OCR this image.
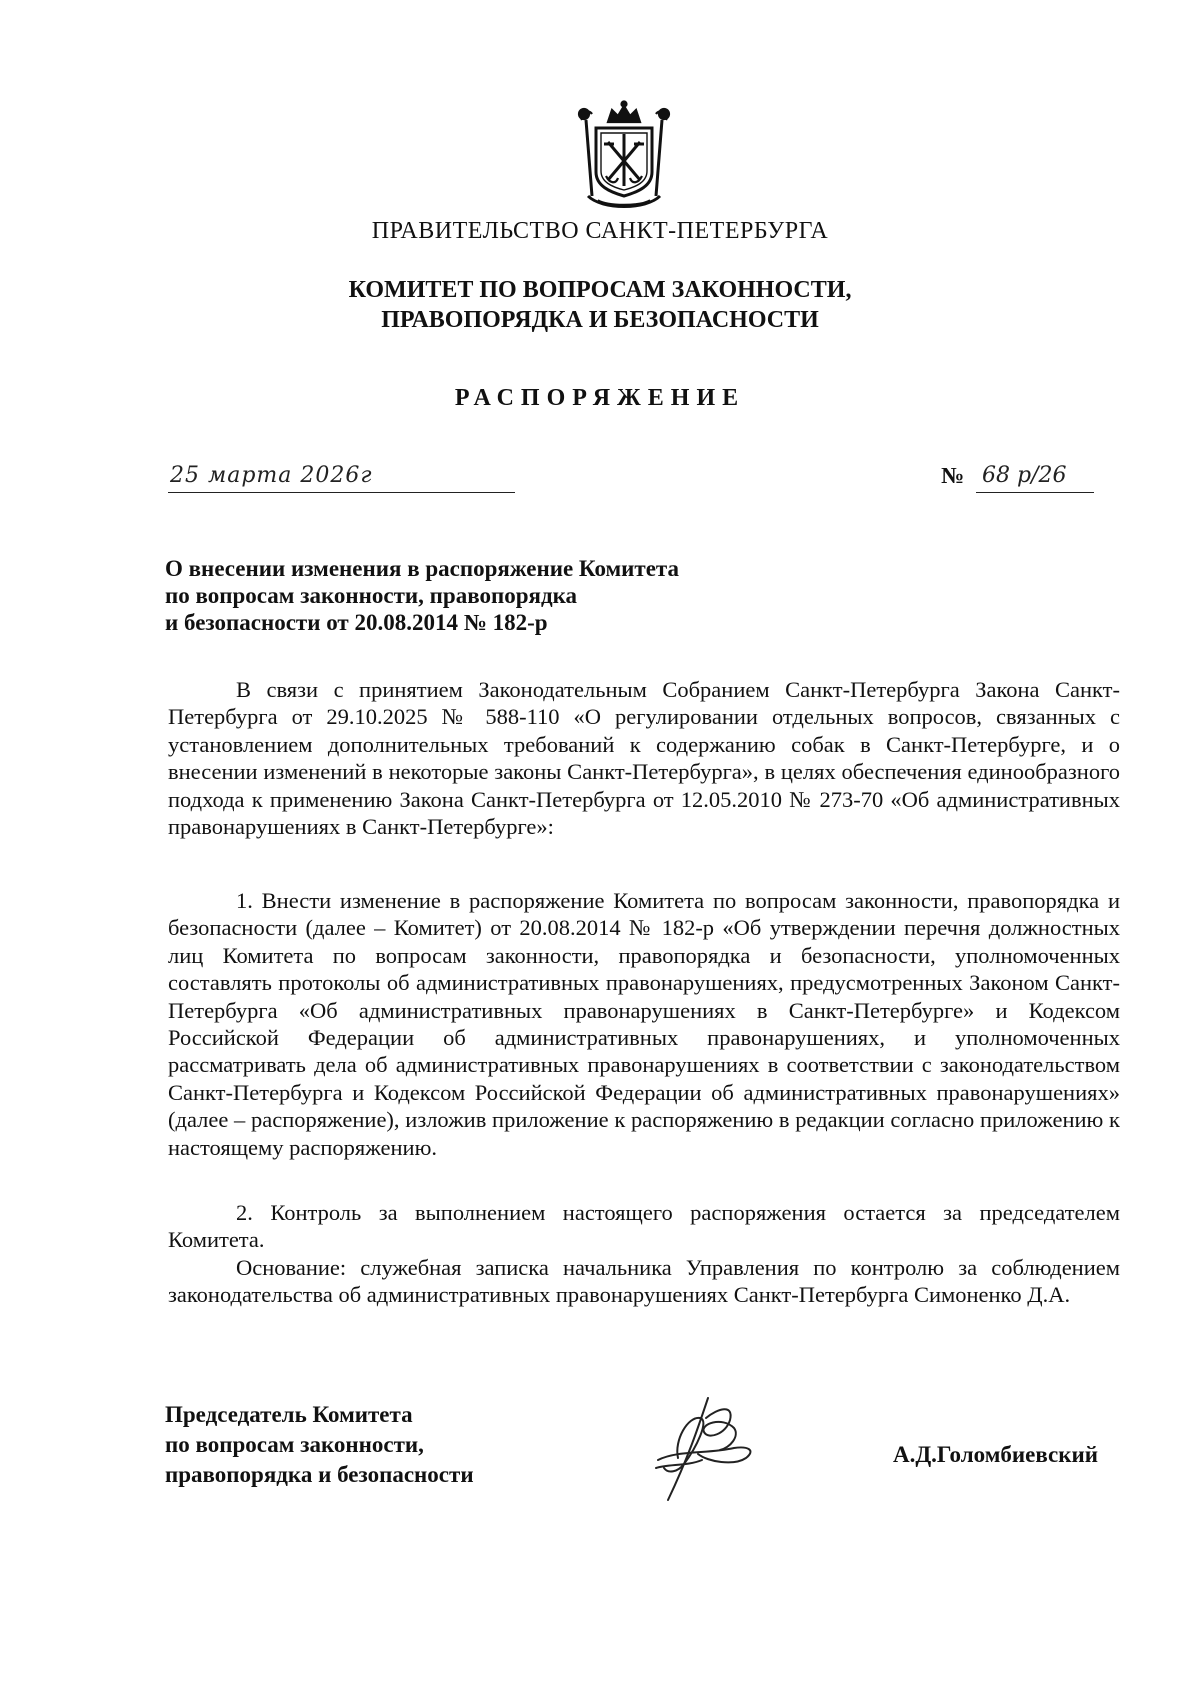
ПРАВИТЕЛЬСТВО САНКТ-ПЕТЕРБУРГА
КОМИТЕТ ПО ВОПРОСАМ ЗАКОННОСТИ,
ПРАВОПОРЯДКА И БЕЗОПАСНОСТИ
РАСПОРЯЖЕНИЕ
25 марта 2026г	№ 68 р/26
О внесении изменения в распоряжение Комитета
по вопросам законности, правопорядка
и безопасности от 20.08.2014 № 182-р

В связи с принятием Законодательным Собранием Санкт-Петербурга Закона Санкт-Петербурга от 29.10.2025 № 588-110 «О регулировании отдельных вопросов, связанных с установлением дополнительных требований к содержанию собак в Санкт-Петербурге, и о внесении изменений в некоторые законы Санкт-Петербурга», в целях обеспечения единообразного подхода к применению Закона Санкт-Петербурга от 12.05.2010 № 273-70 «Об административных правонарушениях в Санкт-Петербурге»:

1. Внести изменение в распоряжение Комитета по вопросам законности, правопорядка и безопасности (далее – Комитет) от 20.08.2014 № 182-р «Об утверждении перечня должностных лиц Комитета по вопросам законности, правопорядка и безопасности, уполномоченных составлять протоколы об административных правонарушениях, предусмотренных Законом Санкт-Петербурга «Об административных правонарушениях в Санкт-Петербурге» и Кодексом Российской Федерации об административных правонарушениях, и уполномоченных рассматривать дела об административных правонарушениях в соответствии с законодательством Санкт-Петербурга и Кодексом Российской Федерации об административных правонарушениях» (далее – распоряжение), изложив приложение к распоряжению в редакции согласно приложению к настоящему распоряжению.

2. Контроль за выполнением настоящего распоряжения остается за председателем Комитета.

Основание: служебная записка начальника Управления по контролю за соблюдением законодательства об административных правонарушениях Санкт-Петербурга Симоненко Д.А.

Председатель Комитета
по вопросам законности,
правопорядка и безопасности
А.Д.Голомбиевский
